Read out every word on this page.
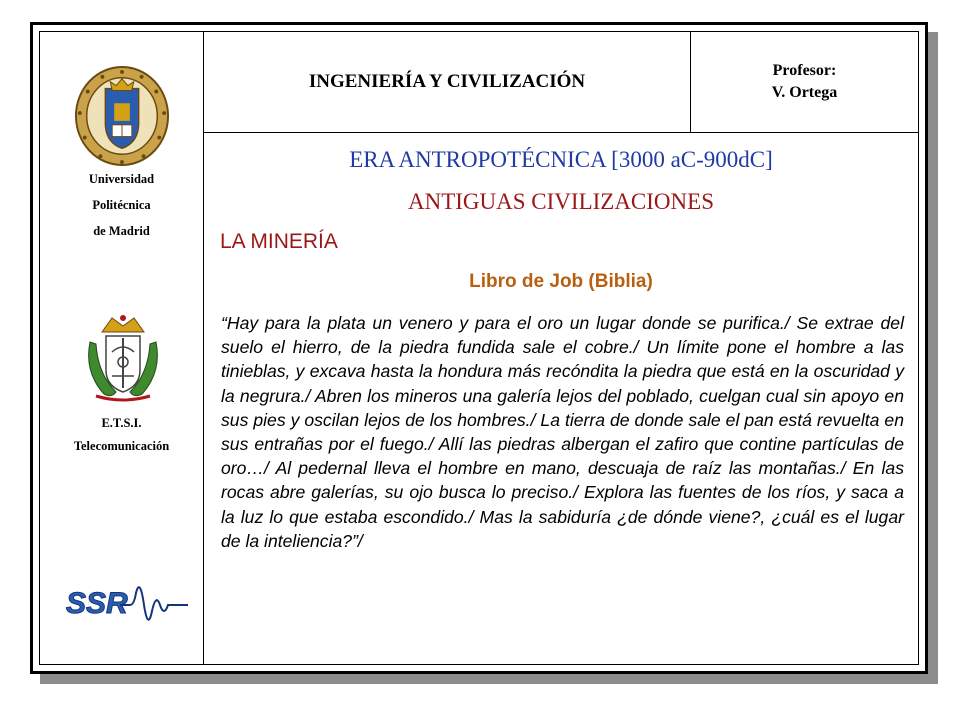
Universidad
Politécnica
de Madrid
E.T.S.I.
Telecomunicación
SSR
INGENIERÍA Y CIVILIZACIÓN
Profesor:
V. Ortega
ERA ANTROPOTÉCNICA [3000 aC-900dC]
ANTIGUAS CIVILIZACIONES
LA MINERÍA
Libro de Job (Biblia)
“Hay para la plata un venero y para el oro un lugar donde se purifica./ Se extrae del suelo el hierro, de la piedra fundida sale el cobre./ Un límite pone el hombre a las tinieblas, y excava hasta la hondura más recóndita la piedra que está en la oscuridad y la negrura./ Abren los mineros una galería lejos del poblado, cuelgan cual sin apoyo en sus pies y oscilan lejos de los hombres./ La tierra de donde sale el pan está revuelta en sus entrañas por el fuego./ Allí las piedras albergan el zafiro que contine partículas de oro…/ Al pedernal lleva el hombre en mano, descuaja de raíz las montañas./ En las rocas abre galerías, su ojo busca lo preciso./ Explora las fuentes de los ríos, y saca a la luz lo que estaba escondido./ Mas la sabiduría ¿de dónde viene?, ¿cuál es el lugar de la inteliencia?”/
